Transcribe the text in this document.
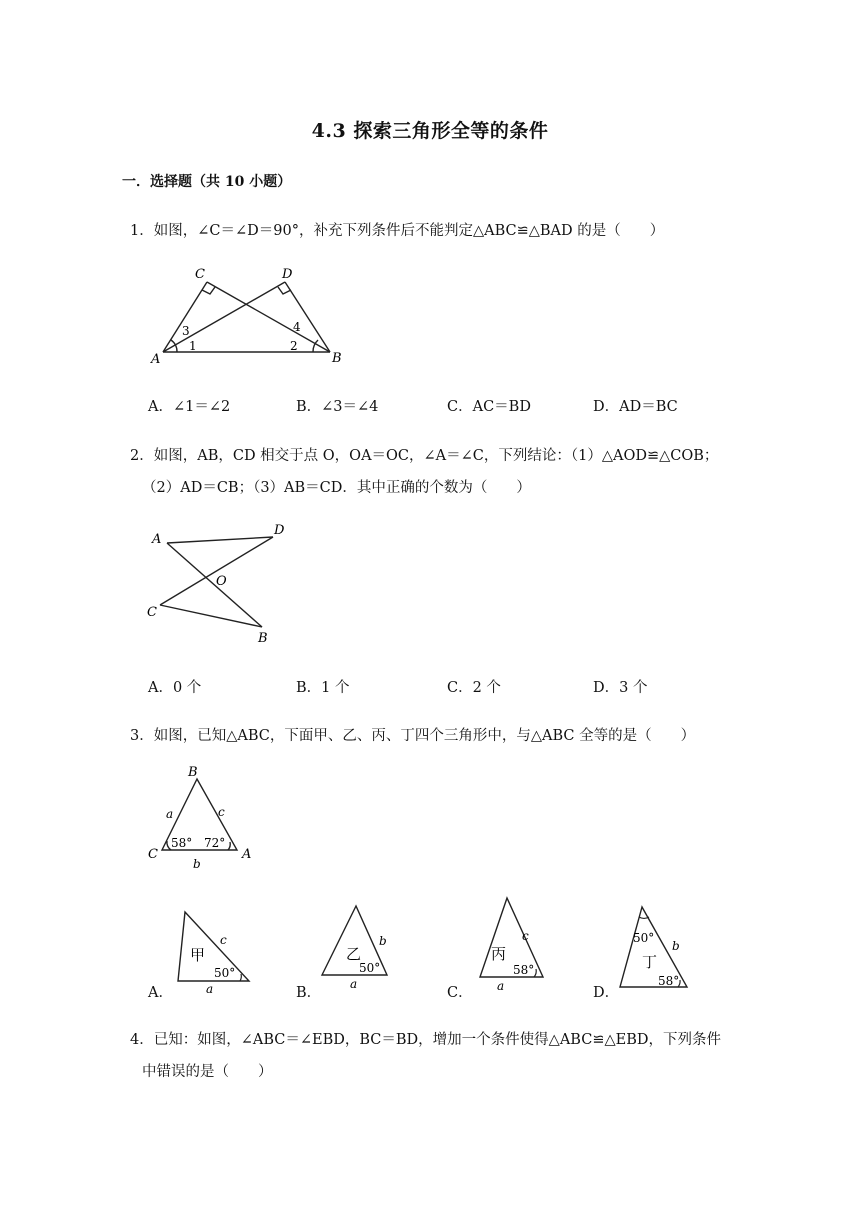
4.3 探索三角形全等的条件
一．选择题（共 10 小题）
1．如图，∠C＝∠D＝90°，补充下列条件后不能判定△ABC≌△BAD 的是（　　）
C	D
A	B
1	2
3	4
A．∠1＝∠2	B．∠3＝∠4	C．AC＝BD	D．AD＝BC
2．如图，AB，CD 相交于点 O，OA＝OC，∠A＝∠C，下列结论：（1）△AOD≌△COB；
（2）AD＝CB；（3）AB＝CD．其中正确的个数为（　　）
A
D
O
C
B
A．0 个	B．1 个	C．2 个	D．3 个
3．如图，已知△ABC，下面甲、乙、丙、丁四个三角形中，与△ABC 全等的是（　　）
B
C	A
a	c
b
58° 72°
A．
甲
c
a
50°
B．
乙
b
a
50°
C．
丙
c
a
58°
D．
50°
丁
b
58°
4．已知：如图，∠ABC＝∠EBD，BC＝BD，增加一个条件使得△ABC≌△EBD，下列条件
中错误的是（　　）
